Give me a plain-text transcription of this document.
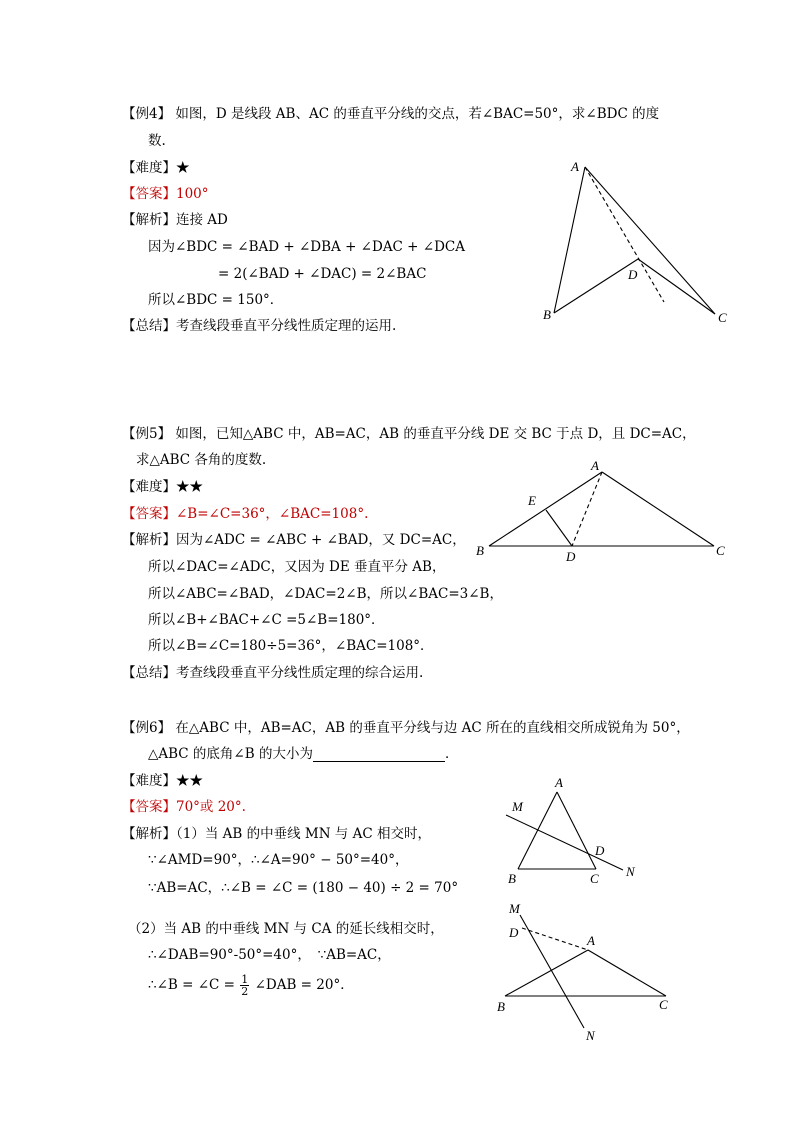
【例4】 如图，D 是线段 AB、AC 的垂直平分线的交点，若∠BAC=50°，求∠BDC 的度
数.
【难度】★
【答案】100°
【解析】连接 AD
因为∠BDC = ∠BAD + ∠DBA + ∠DAC + ∠DCA
= 2(∠BAD + ∠DAC) = 2∠BAC
所以∠BDC = 150°．
【总结】考查线段垂直平分线性质定理的运用.
A
B	C
D
【例5】 如图，已知△ABC 中，AB=AC，AB 的垂直平分线 DE 交 BC 于点 D，且 DC=AC，
求△ABC 各角的度数.
【难度】★★
【答案】∠B=∠C=36°，∠BAC=108°.
【解析】因为∠ADC = ∠ABC + ∠BAD，又 DC=AC，
所以∠DAC=∠ADC，又因为 DE 垂直平分 AB，
所以∠ABC=∠BAD，∠DAC=2∠B，所以∠BAC=3∠B，
所以∠B+∠BAC+∠C =5∠B=180°．
所以∠B=∠C=180÷5=36°，∠BAC=108°．
【总结】考查线段垂直平分线性质定理的综合运用.
A
B	C
D
E
【例6】 在△ABC 中，AB=AC，AB 的垂直平分线与边 AC 所在的直线相交所成锐角为 50°，
△ABC 的底角∠B 的大小为	．
【难度】★★
【答案】70°或 20°.
【解析】（1）当 AB 的中垂线 MN 与 AC 相交时，
∵∠AMD=90°，∴∠A=90° − 50°=40°，
∵AB=AC，∴∠B = ∠C = (180 − 40) ÷ 2 = 70°
（2）当 AB 的中垂线 MN 与 CA 的延长线相交时，
∴∠DAB=90°-50°=40°，　∵AB=AC，
∴∠B = ∠C = $\frac{1}{2}$ ∠DAB = 20°．
A
B	C
D
M
N
A
B	C
D
M
N
